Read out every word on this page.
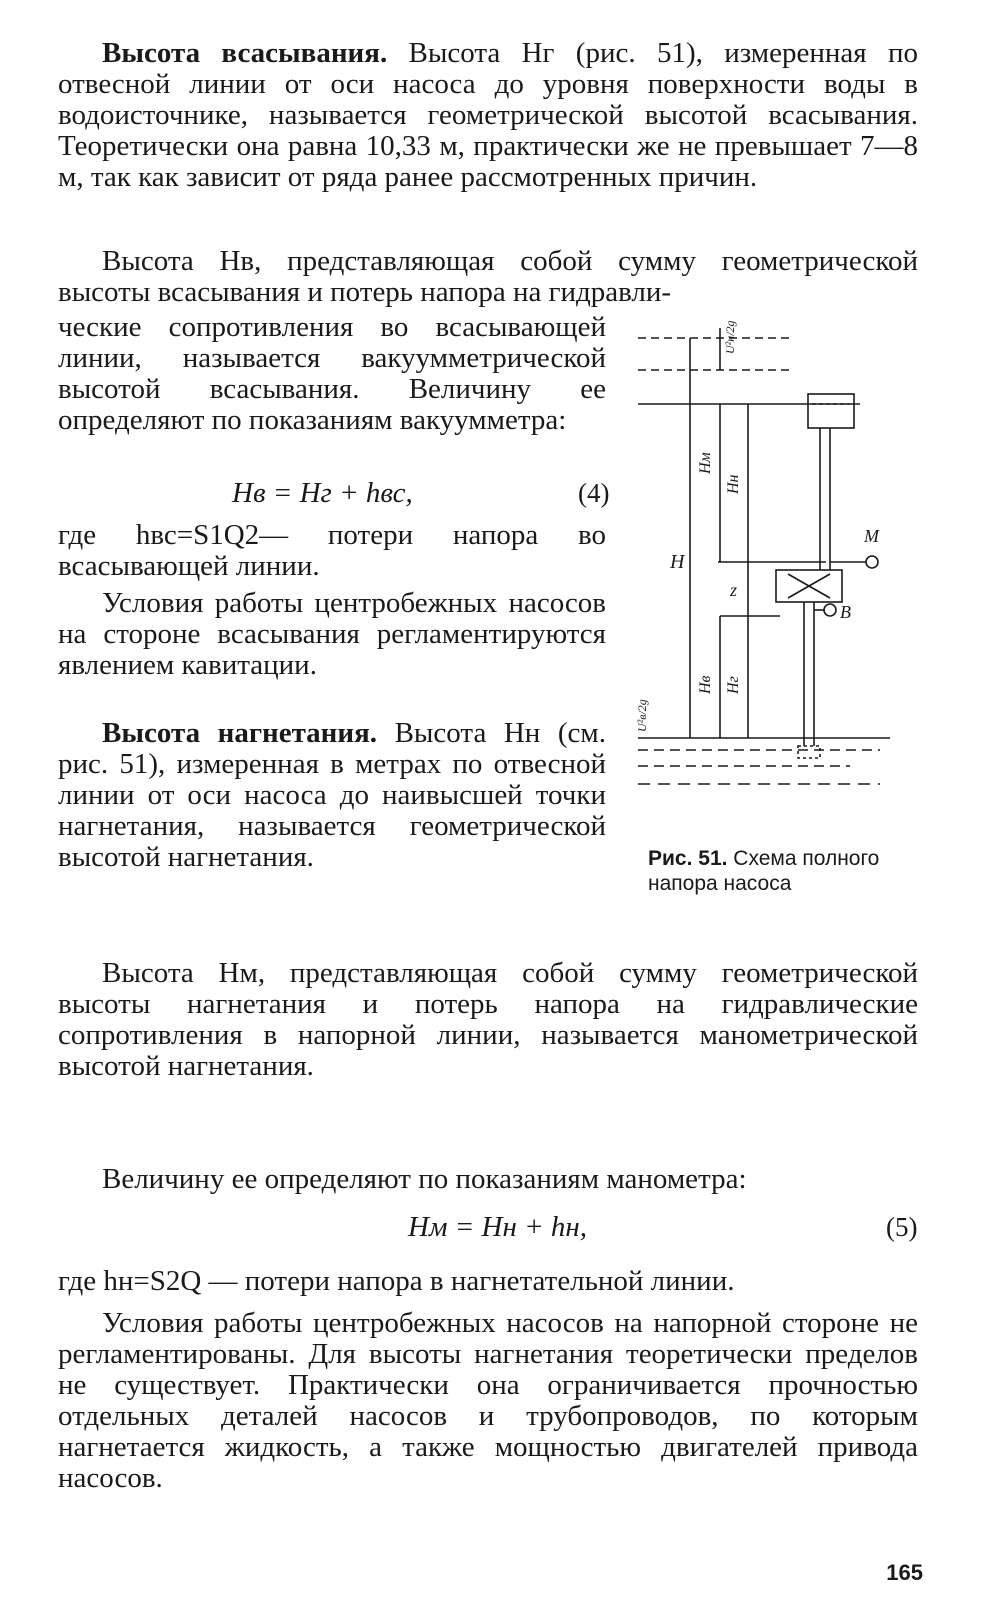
Высота всасывания. Высота Hг (рис. 51), измеренная по отвесной линии от оси насоса до уровня поверхности воды в водоисточнике, называется геометрической высотой всасывания. Теоретически она равна 10,33 м, практически же не превышает 7—8 м, так как зависит от ряда ранее рассмотренных причин.
Высота Hв, представляющая собой сумму геометрической высоты всасывания и потерь напора на гидравли-
ческие сопротивления во всасывающей линии, называется вакуумметрической высотой всасывания. Величину ее определяют по показаниям вакуумметра:
Hв = Hг + hвс,	(4)
где hвс=S1Q2— потери напора во всасывающей линии.
Условия работы центробежных насосов на стороне всасывания регламентируются явлением кавитации.
Высота нагнетания. Высота Hн (см. рис. 51), измеренная в метрах по отвесной линии от оси насоса до наивысшей точки нагнетания, называется геометрической высотой нагнетания.
Высота Hм, представляющая собой сумму геометрической высоты нагнетания и потерь напора на гидравлические сопротивления в напорной линии, называется манометрической высотой нагнетания.
Величину ее определяют по показаниям манометра:
Hм = Hн + hн,	(5)
где hн=S2Q — потери напора в нагнетательной линии.
Условия работы центробежных насосов на напорной стороне не регламентированы. Для высоты нагнетания теоретически пределов не существует. Практически она ограничивается прочностью отдельных деталей насосов и трубопроводов, по которым нагнетается жидкость, а также мощностью двигателей привода насосов.
H
Hм
Hн
z
Hв Hг
M
B
U²н/2g
U²в/2g
Рис. 51. Схема полного напора насоса
165
